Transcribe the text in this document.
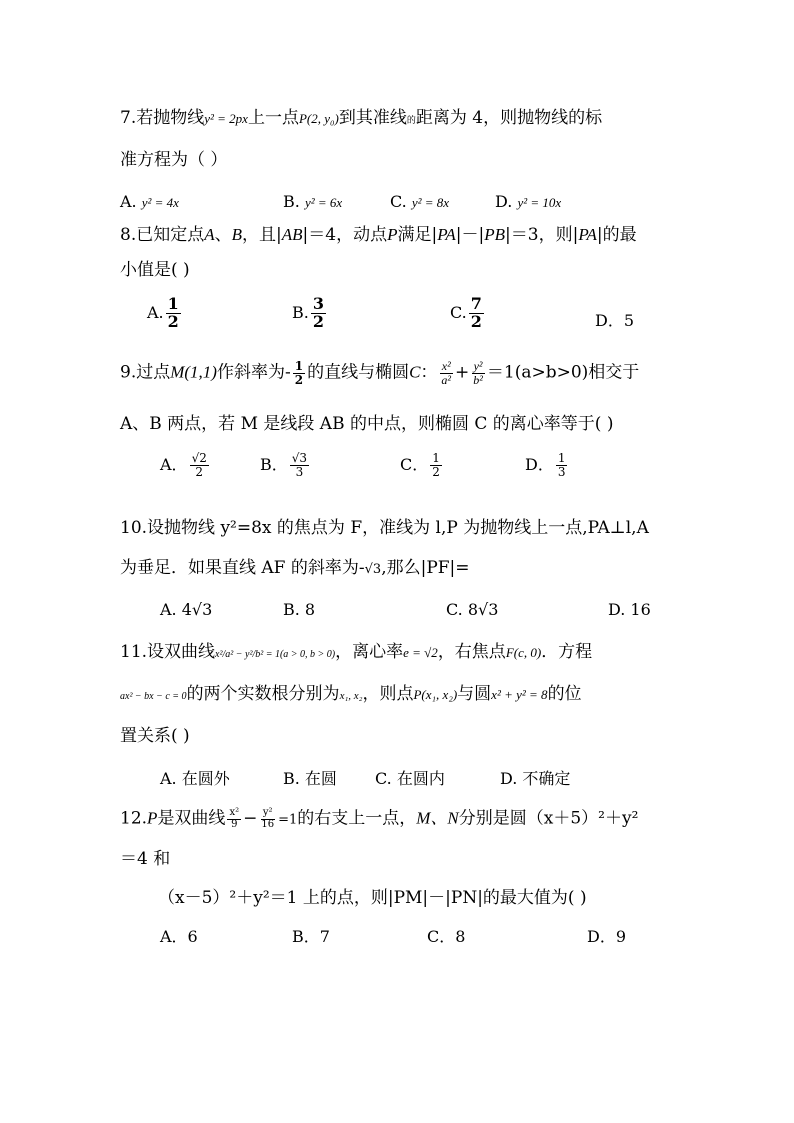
7.若抛物线y² = 2px上一点P(2, y₀)到其准线的距离为 4，则抛物线的标
准方程为（ ）
A. y² = 4x	B. y² = 6x	C. y² = 8x	D. y² = 10x
8.已知定点A、B，且|AB|＝4，动点P满足|PA|－|PB|＝3，则|PA|的最
小值是( )
A. $\frac{1}{2}$	B. $\frac{3}{2}$	C. $\frac{7}{2}$	D．5
9.过点M(1,1)作斜率为- $\frac{1}{2}$ 的直线与椭圆C： $\frac{\text{x²}}{\text{a²}} + \frac{\text{y²}}{\text{b²}} =1(a>b>0)$相交于
A、B 两点，若 M 是线段 AB 的中点，则椭圆 C 的离心率等于( )
A． $\frac{√2}{2}$	B． $\frac{√3}{3}$	C． $\frac{1}{2}$	D． $\frac{1}{3}$
10.设抛物线 y²=8x 的焦点为 F，准线为 l,P 为抛物线上一点,PA⊥l,A
为垂足．如果直线 AF 的斜率为-√3,那么|PF|=
A. 4√3	B. 8	C. 8√3	D. 16
11.设双曲线x²/a² − y²/b² = 1(a > 0, b > 0)，离心率e = √2，右焦点F(c, 0)．方程
ax² − bx − c = 0的两个实数根分别为x₁, x₂，则点P(x₁, x₂)与圆x² + y² = 8的位
置关系( )
A. 在圆外	B. 在圆 C. 在圆内	D. 不确定
12.P是双曲线 $\frac{\text{x²}}{9} - \frac{\text{y²}}{16} =1$的右支上一点，M、N分别是圆（x＋5）²＋y²
＝4 和
（x－5）²＋y²＝1 上的点，则|PM|－|PN|的最大值为( )
A．6	B．7	C．8	D．9
